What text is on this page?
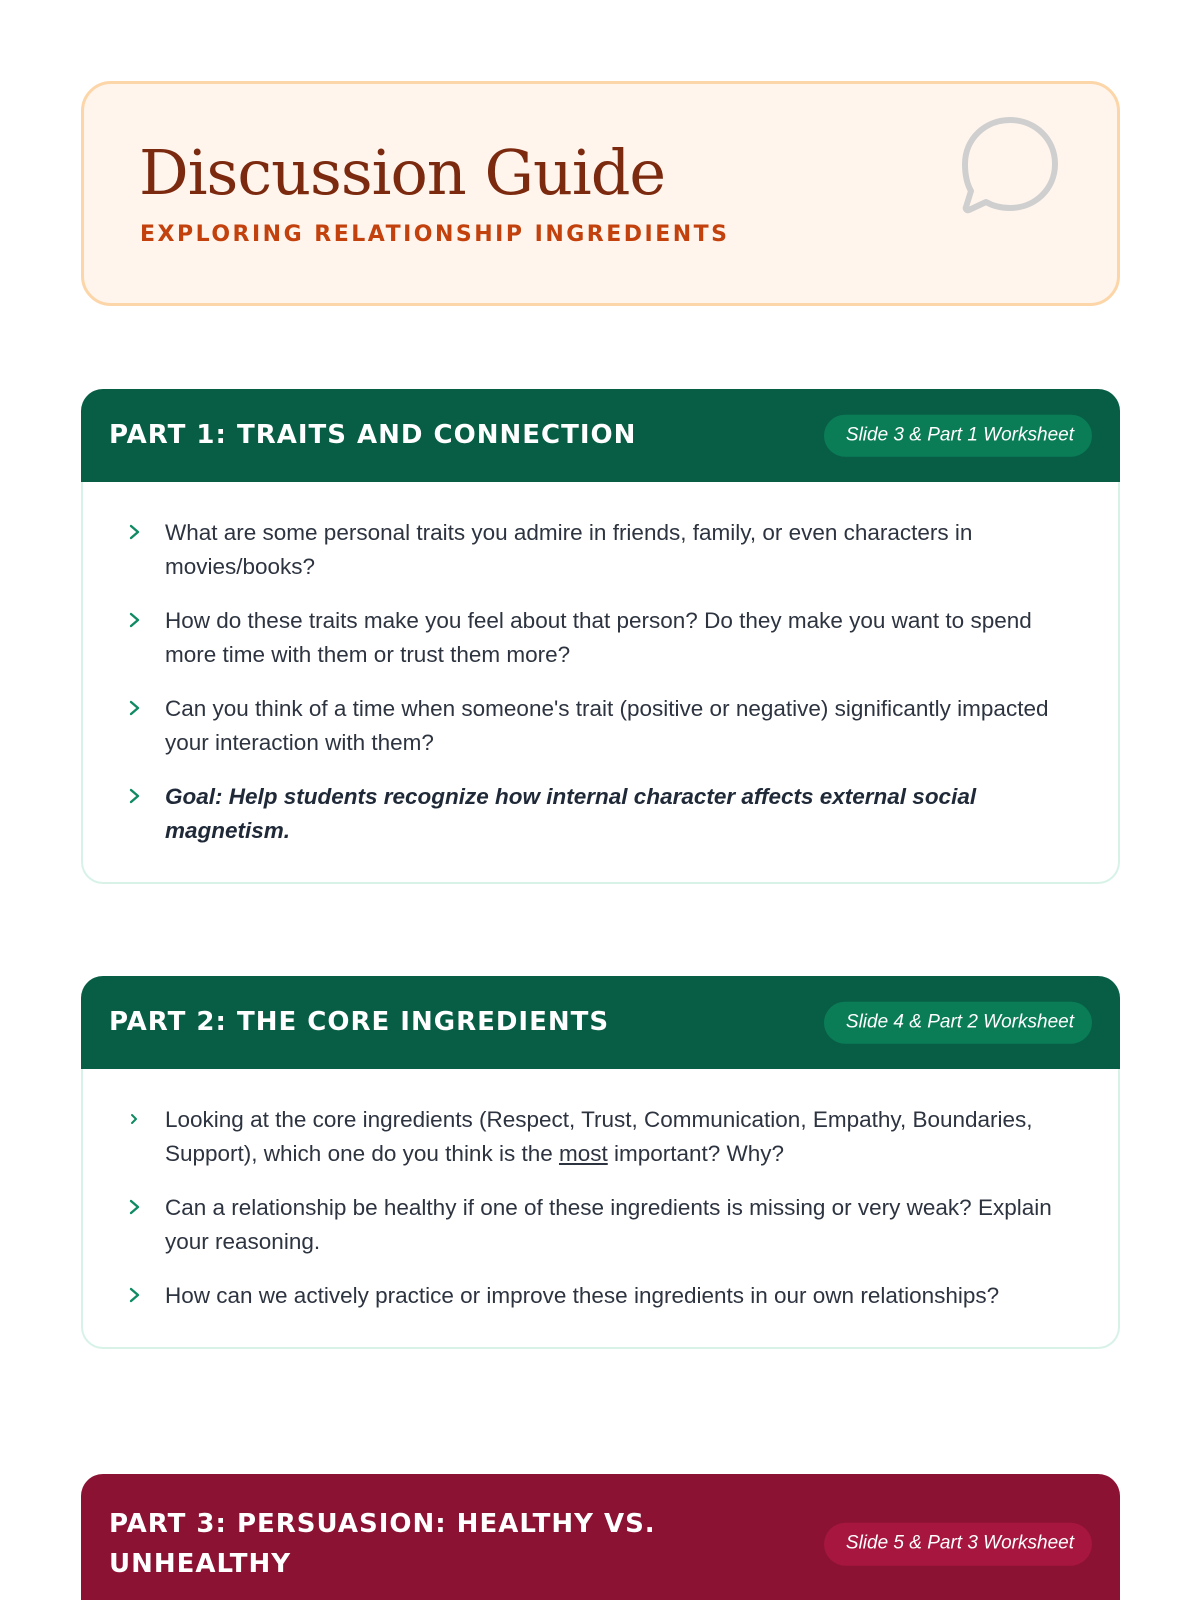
Discussion Guide
EXPLORING RELATIONSHIP INGREDIENTS
PART 1: TRAITS AND CONNECTION	Slide 3 & Part 1 Worksheet
What are some personal traits you admire in friends, family, or even characters in movies/books?
How do these traits make you feel about that person? Do they make you want to spend more time with them or trust them more?
Can you think of a time when someone's trait (positive or negative) significantly impacted your interaction with them?
Goal: Help students recognize how internal character affects external social magnetism.
PART 2: THE CORE INGREDIENTS	Slide 4 & Part 2 Worksheet
Looking at the core ingredients (Respect, Trust, Communication, Empathy, Boundaries, Support), which one do you think is the most important? Why?
Can a relationship be healthy if one of these ingredients is missing or very weak? Explain your reasoning.
How can we actively practice or improve these ingredients in our own relationships?
PART 3: PERSUASION: HEALTHY VS. UNHEALTHY
Slide 5 & Part 3 Worksheet
